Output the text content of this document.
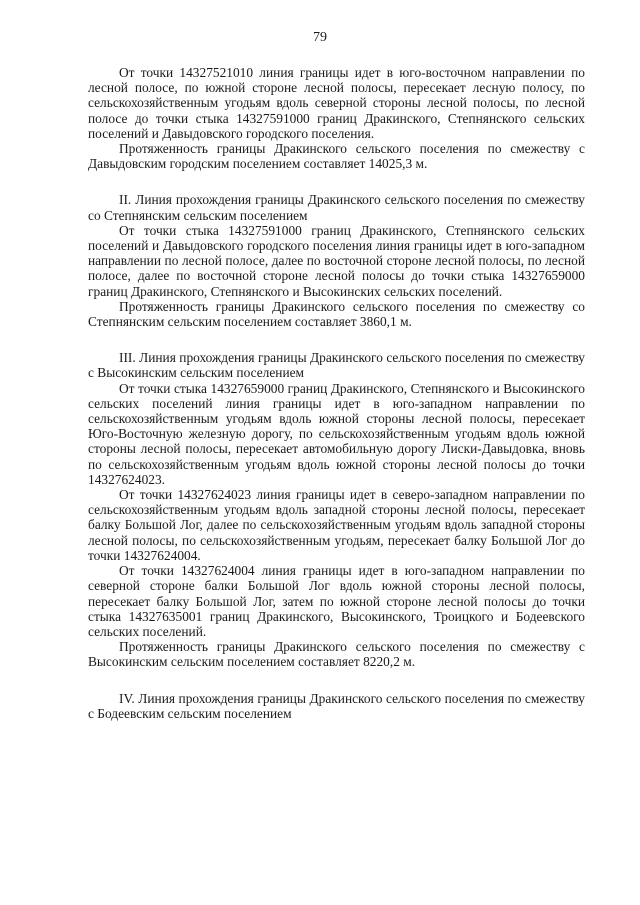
79

От точки 14327521010 линия границы идет в юго-восточном направлении по лесной полосе, по южной стороне лесной полосы, пересекает лесную полосу, по сельскохозяйственным угодьям вдоль северной стороны лесной полосы, по лесной полосе до точки стыка 14327591000 границ Дракинского, Степнянского сельских поселений и Давыдовского городского поселения.

Протяженность границы Дракинского сельского поселения по смежеству с Давыдовским городским поселением составляет 14025,3 м.

II. Линия прохождения границы Дракинского сельского поселения по смежеству со Степнянским сельским поселением

От точки стыка 14327591000 границ Дракинского, Степнянского сельских поселений и Давыдовского городского поселения линия границы идет в юго-западном направлении по лесной полосе, далее по восточной стороне лесной полосы, по лесной полосе, далее по восточной стороне лесной полосы до точки стыка 14327659000 границ Дракинского, Степнянского и Высокинских сельских поселений.

Протяженность границы Дракинского сельского поселения по смежеству со Степнянским сельским поселением составляет 3860,1 м.

III. Линия прохождения границы Дракинского сельского поселения по смежеству с Высокинским сельским поселением

От точки стыка 14327659000 границ Дракинского, Степнянского и Высокинского сельских поселений линия границы идет в юго-западном направлении по сельскохозяйственным угодьям вдоль южной стороны лесной полосы, пересекает Юго-Восточную железную дорогу, по сельскохозяйственным угодьям вдоль южной стороны лесной полосы, пересекает автомобильную дорогу Лиски-Давыдовка, вновь по сельскохозяйственным угодьям вдоль южной стороны лесной полосы до точки 14327624023.

От точки 14327624023 линия границы идет в северо-западном направлении по сельскохозяйственным угодьям вдоль западной стороны лесной полосы, пересекает балку Большой Лог, далее по сельскохозяйственным угодьям вдоль западной стороны лесной полосы, по сельскохозяйственным угодьям, пересекает балку Большой Лог до точки 14327624004.

От точки 14327624004 линия границы идет в юго-западном направлении по северной стороне балки Большой Лог вдоль южной стороны лесной полосы, пересекает балку Большой Лог, затем по южной стороне лесной полосы до точки стыка 14327635001 границ Дракинского, Высокинского, Троицкого и Бодеевского сельских поселений.

Протяженность границы Дракинского сельского поселения по смежеству с Высокинским сельским поселением составляет 8220,2 м.

IV. Линия прохождения границы Дракинского сельского поселения по смежеству с Бодеевским сельским поселением
